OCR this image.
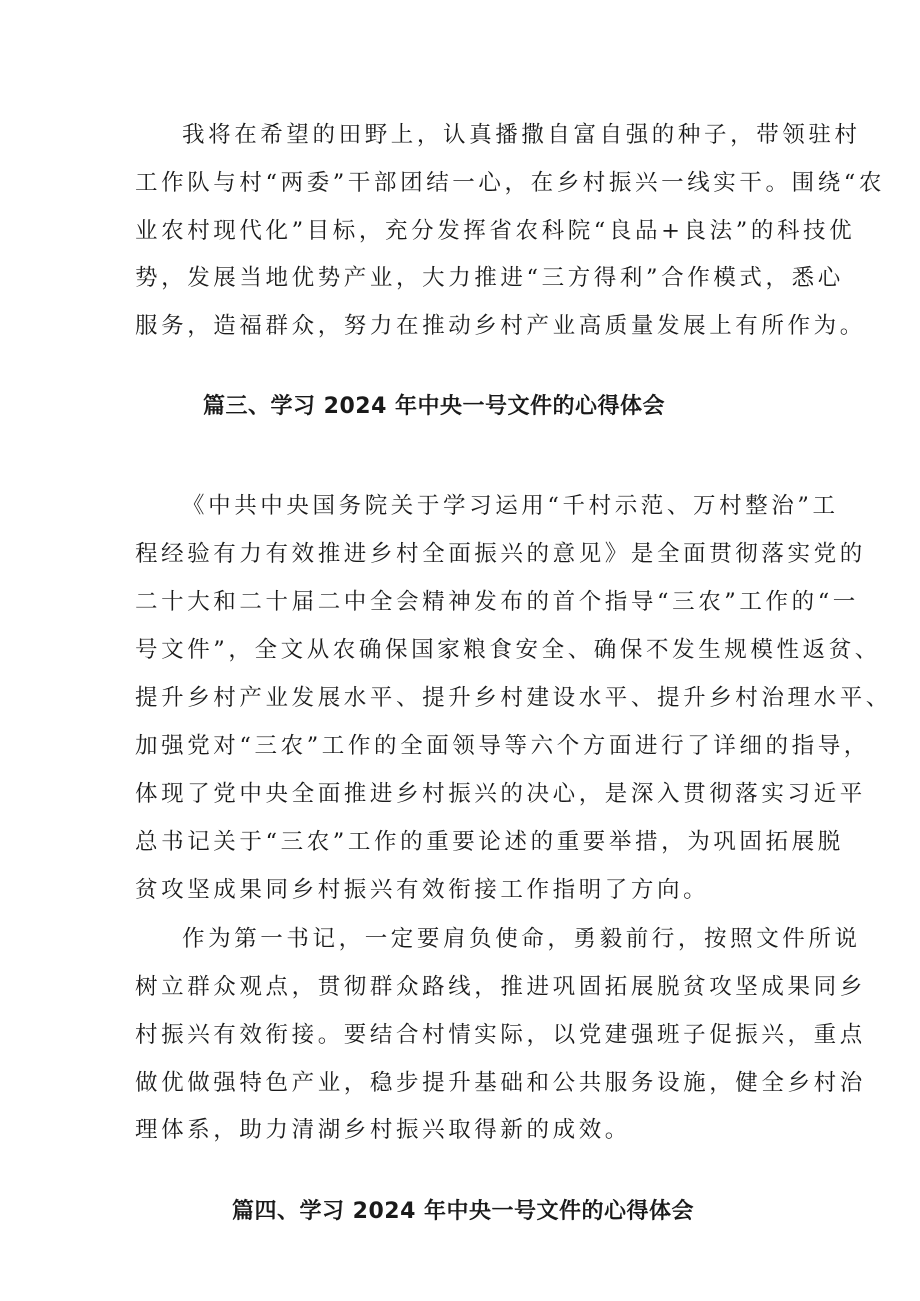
我将在希望的田野上，认真播撒自富自强的种子，带领驻村
工作队与村“两委”干部团结一心，在乡村振兴一线实干。围绕“农
业农村现代化”目标，充分发挥省农科院“良品+良法”的科技优
势，发展当地优势产业，大力推进“三方得利”合作模式，悉心
服务，造福群众，努力在推动乡村产业高质量发展上有所作为。
篇三、学习 2024 年中央一号文件的心得体会
《中共中央国务院关于学习运用“千村示范、万村整治”工
程经验有力有效推进乡村全面振兴的意见》是全面贯彻落实党的
二十大和二十届二中全会精神发布的首个指导“三农”工作的“一
号文件”，全文从农确保国家粮食安全、确保不发生规模性返贫、
提升乡村产业发展水平、提升乡村建设水平、提升乡村治理水平、
加强党对“三农”工作的全面领导等六个方面进行了详细的指导，
体现了党中央全面推进乡村振兴的决心，是深入贯彻落实习近平
总书记关于“三农”工作的重要论述的重要举措，为巩固拓展脱
贫攻坚成果同乡村振兴有效衔接工作指明了方向。
作为第一书记，一定要肩负使命，勇毅前行，按照文件所说
树立群众观点，贯彻群众路线，推进巩固拓展脱贫攻坚成果同乡
村振兴有效衔接。要结合村情实际，以党建强班子促振兴，重点
做优做强特色产业，稳步提升基础和公共服务设施，健全乡村治
理体系，助力清湖乡村振兴取得新的成效。
篇四、学习 2024 年中央一号文件的心得体会
